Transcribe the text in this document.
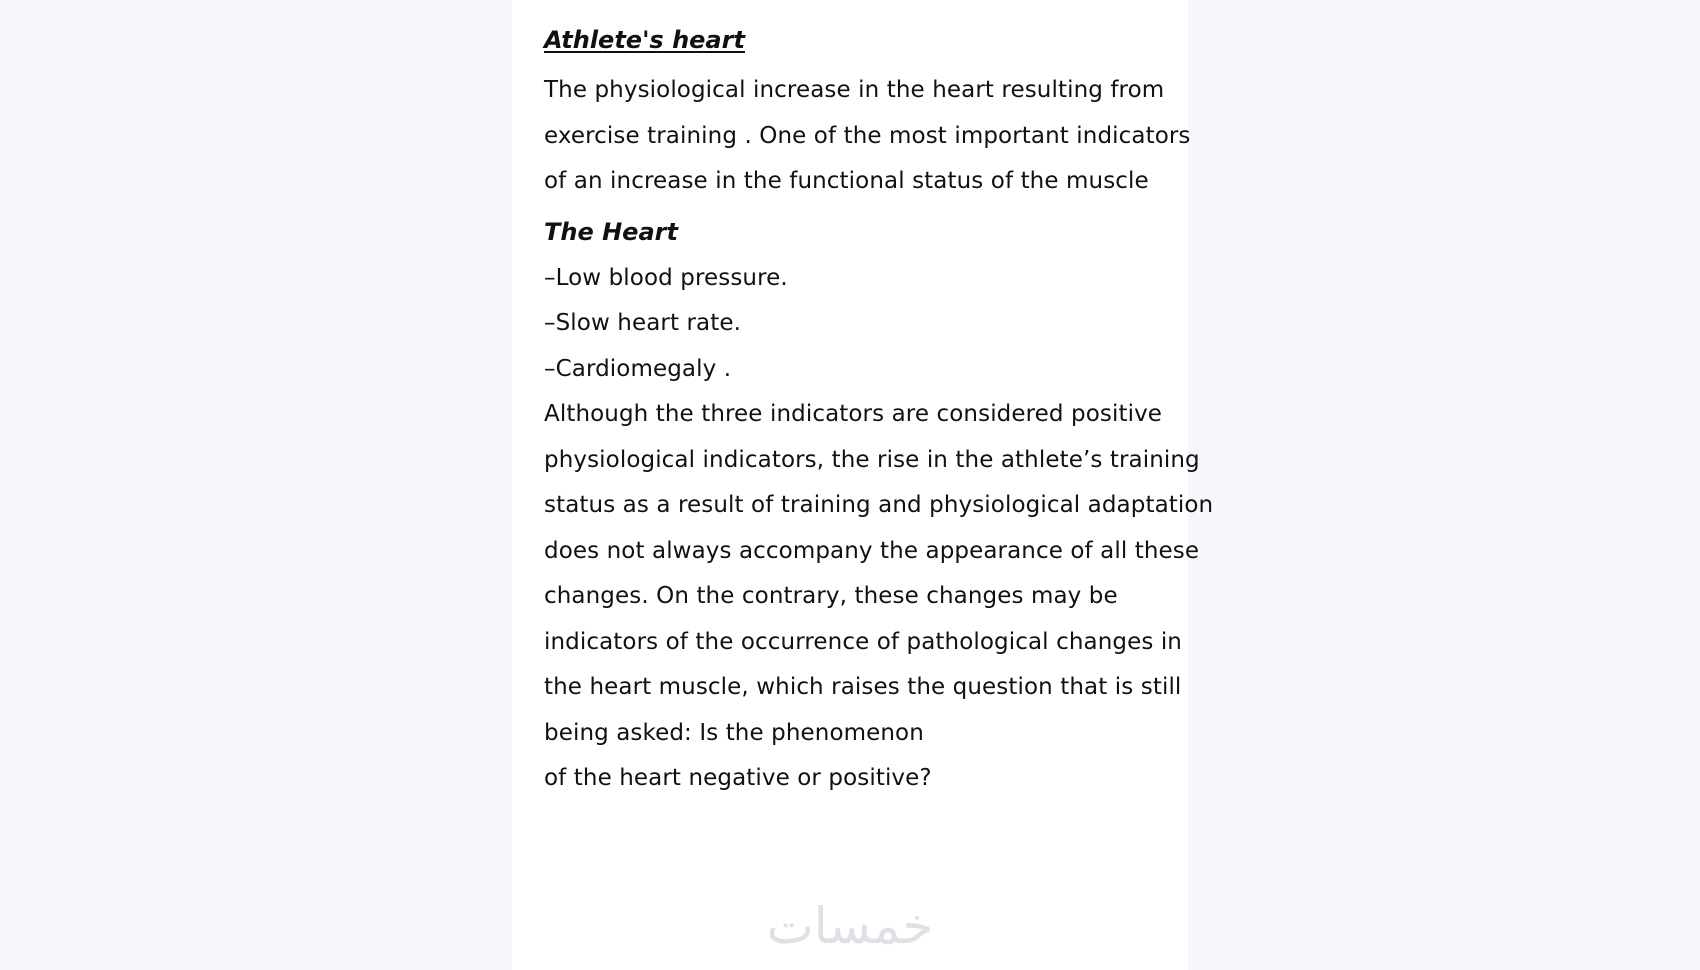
Athlete's heart

The physiological increase in the heart resulting from

exercise training . One of the most important indicators

of an increase in the functional status of the muscle

The Heart

–Low blood pressure.

–Slow heart rate.

–Cardiomegaly .

Although the three indicators are considered positive

physiological indicators, the rise in the athlete’s training

status as a result of training and physiological adaptation

does not always accompany the appearance of all these

changes. On the contrary, these changes may be

indicators of the occurrence of pathological changes in

the heart muscle, which raises the question that is still

being asked: Is the phenomenon

of the heart negative or positive?

خمسات
